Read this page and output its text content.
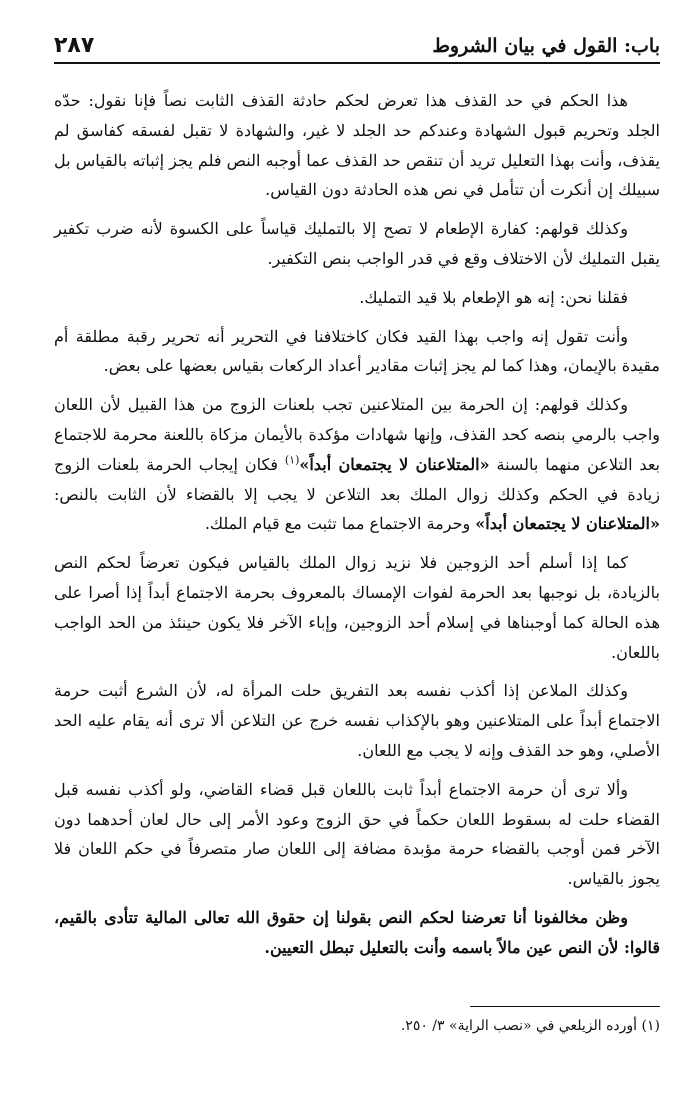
باب: القول في بيان الشروط
٢٨٧

هذا الحكم في حد القذف هذا تعرض لحكم حادثة القذف الثابت نصاً فإنا نقول: حدّه الجلد وتحريم قبول الشهادة وعندكم حد الجلد لا غير، والشهادة لا تقبل لفسقه كفاسق لم يقذف، وأنت بهذا التعليل تريد أن تنقص حد القذف عما أوجبه النص فلم يجز إثباته بالقياس بل سبيلك إن أنكرت أن تتأمل في نص هذه الحادثة دون القياس.

وكذلك قولهم: كفارة الإطعام لا تصح إلا بالتمليك قياساً على الكسوة لأنه ضرب تكفير يقبل التمليك لأن الاختلاف وقع في قدر الواجب بنص التكفير.

فقلنا نحن: إنه هو الإطعام بلا قيد التمليك.

وأنت تقول إنه واجب بهذا القيد فكان كاختلافنا في التحرير أنه تحرير رقبة مطلقة أم مقيدة بالإيمان، وهذا كما لم يجز إثبات مقادير أعداد الركعات بقياس بعضها على بعض.

وكذلك قولهم: إن الحرمة بين المتلاعنين تجب بلعنات الزوج من هذا القبيل لأن اللعان واجب بالرمي بنصه كحد القذف، وإنها شهادات مؤكدة بالأيمان مزكاة باللعنة محرمة للاجتماع بعد التلاعن منهما بالسنة «المتلاعنان لا يجتمعان أبداً»$^{(١)}$ فكان إيجاب الحرمة بلعنات الزوج زيادة في الحكم وكذلك زوال الملك بعد التلاعن لا يجب إلا بالقضاء لأن الثابت بالنص: «المتلاعنان لا يجتمعان أبداً» وحرمة الاجتماع مما تثبت مع قيام الملك.

كما إذا أسلم أحد الزوجين فلا نزيد زوال الملك بالقياس فيكون تعرضاً لحكم النص بالزيادة، بل نوجبها بعد الحرمة لفوات الإمساك بالمعروف بحرمة الاجتماع أبداً إذا أصرا على هذه الحالة كما أوجبناها في إسلام أحد الزوجين، وإباء الآخر فلا يكون حينئذ من الحد الواجب باللعان.

وكذلك الملاعن إذا أكذب نفسه بعد التفريق حلت المرأة له، لأن الشرع أثبت حرمة الاجتماع أبداً على المتلاعنين وهو بالإكذاب نفسه خرج عن التلاعن ألا ترى أنه يقام عليه الحد الأصلي، وهو حد القذف وإنه لا يجب مع اللعان.

وألا ترى أن حرمة الاجتماع أبداً ثابت باللعان قبل قضاء القاضي، ولو أكذب نفسه قبل القضاء حلت له بسقوط اللعان حكماً في حق الزوج وعود الأمر إلى حال لعان أحدهما دون الآخر فمن أوجب بالقضاء حرمة مؤبدة مضافة إلى اللعان صار متصرفاً في حكم اللعان فلا يجوز بالقياس.

وظن مخالفونا أنا تعرضنا لحكم النص بقولنا إن حقوق الله تعالى المالية تتأدى بالقيم، قالوا: لأن النص عين مالاً باسمه وأنت بالتعليل تبطل التعيين.

(١) أورده الزيلعي في «نصب الراية» ٣/ ٢٥٠.
